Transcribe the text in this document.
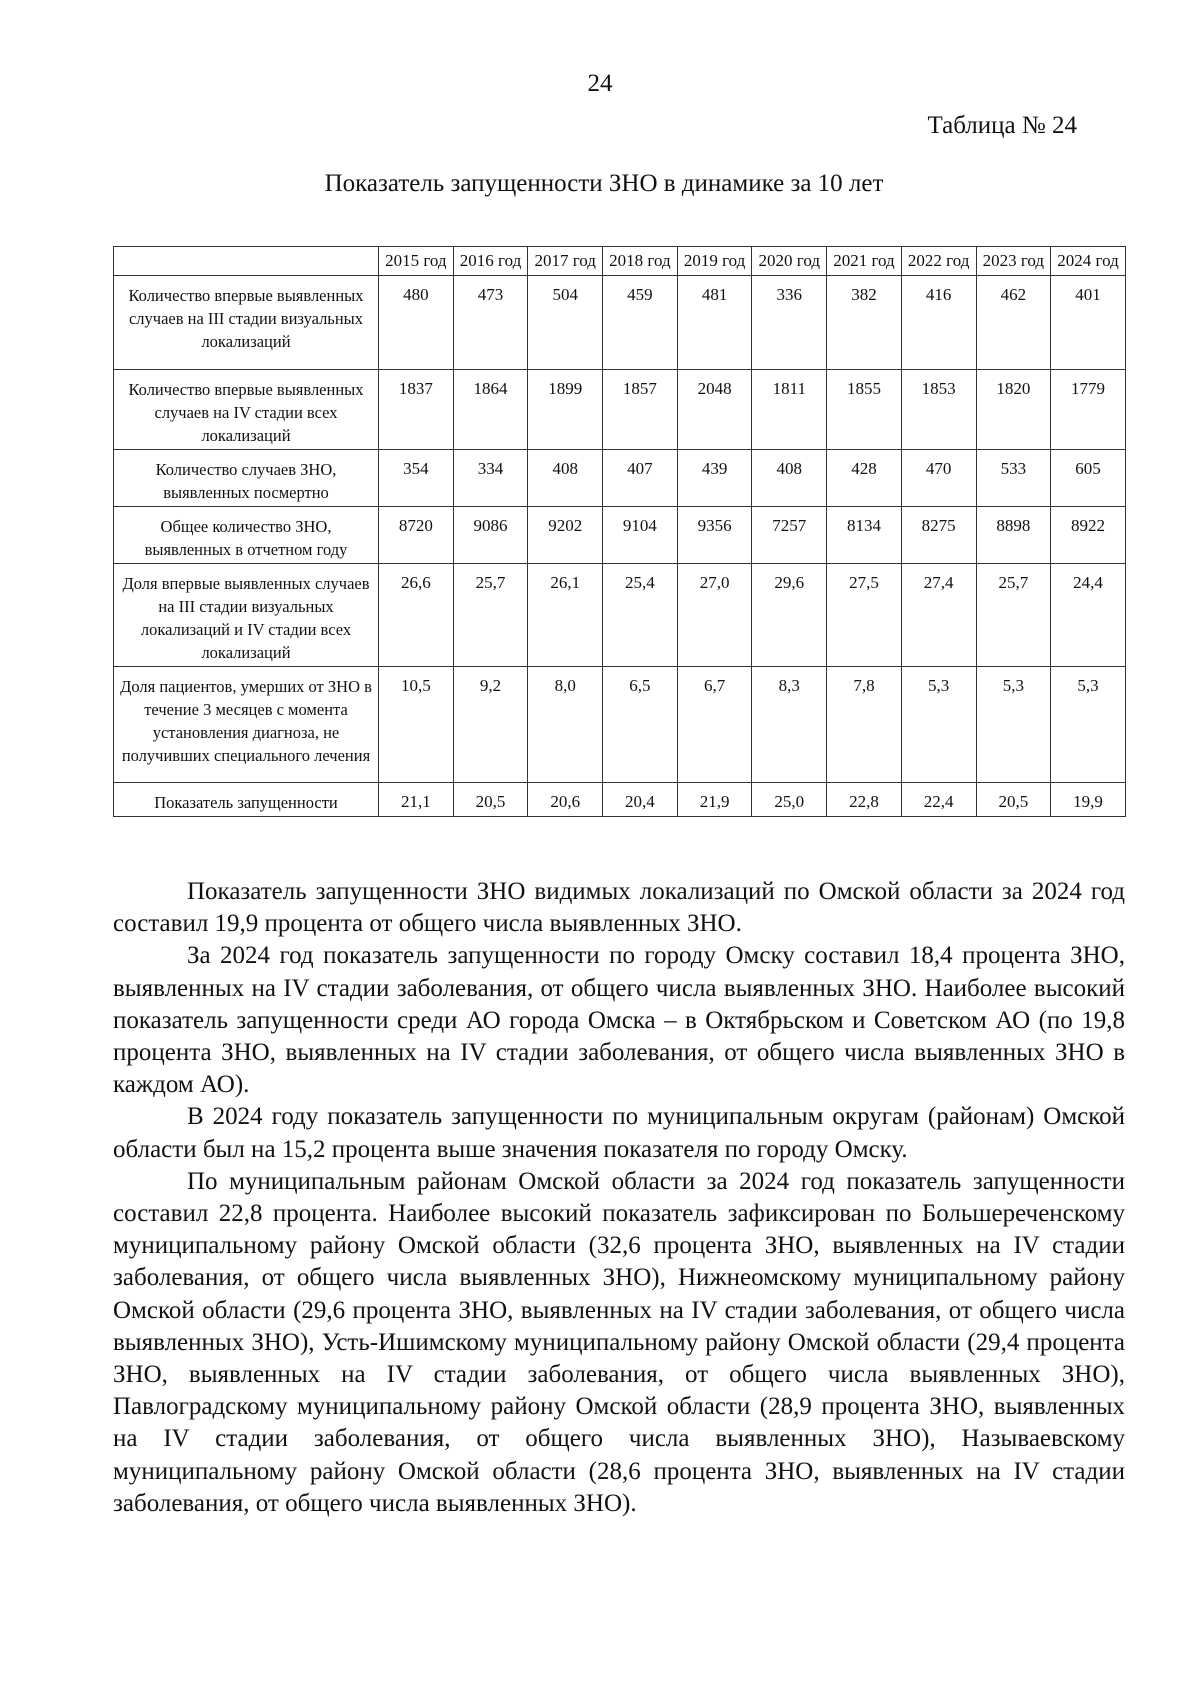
24
Таблица № 24
Показатель запущенности ЗНО в динамике за 10 лет
	2015 год	2016 год	2017 год	2018 год	2019 год	2020 год	2021 год	2022 год	2023 год	2024 год
Количество впервые выявленных случаев на III стадии визуальных локализаций	480	473	504	459	481	336	382	416	462	401
Количество впервые выявленных случаев на IV стадии всех локализаций	1837	1864	1899	1857	2048	1811	1855	1853	1820	1779
Количество случаев ЗНО, выявленных посмертно	354	334	408	407	439	408	428	470	533	605
Общее количество ЗНО, выявленных в отчетном году	8720	9086	9202	9104	9356	7257	8134	8275	8898	8922
Доля впервые выявленных случаев на III стадии визуальных локализаций и IV стадии всех локализаций	26,6	25,7	26,1	25,4	27,0	29,6	27,5	27,4	25,7	24,4
Доля пациентов, умерших от ЗНО в течение 3 месяцев с момента установления диагноза, не получивших специального лечения	10,5	9,2	8,0	6,5	6,7	8,3	7,8	5,3	5,3	5,3
Показатель запущенности	21,1	20,5	20,6	20,4	21,9	25,0	22,8	22,4	20,5	19,9

Показатель запущенности ЗНО видимых локализаций по Омской области за 2024 год составил 19,9 процента от общего числа выявленных ЗНО.

За 2024 год показатель запущенности по городу Омску составил 18,4 процента ЗНО, выявленных на IV стадии заболевания, от общего числа выявленных ЗНО. Наиболее высокий показатель запущенности среди АО города Омска – в Октябрьском и Советском АО (по 19,8 процента ЗНО, выявленных на IV стадии заболевания, от общего числа выявленных ЗНО в каждом АО).

В 2024 году показатель запущенности по муниципальным округам (районам) Омской области был на 15,2 процента выше значения показателя по городу Омску.

По муниципальным районам Омской области за 2024 год показатель запущенности составил 22,8 процента. Наиболее высокий показатель зафиксирован по Большереченскому муниципальному району Омской области (32,6 процента ЗНО, выявленных на IV стадии заболевания, от общего числа выявленных ЗНО), Нижнеомскому муниципальному району Омской области (29,6 процента ЗНО, выявленных на IV стадии заболевания, от общего числа выявленных ЗНО), Усть-Ишимскому муниципальному району Омской области (29,4 процента ЗНО, выявленных на IV стадии заболевания, от общего числа выявленных ЗНО), Павлоградскому муниципальному району Омской области (28,9 процента ЗНО, выявленных на IV стадии заболевания, от общего числа выявленных ЗНО), Называевскому муниципальному району Омской области (28,6 процента ЗНО, выявленных на IV стадии заболевания, от общего числа выявленных ЗНО).
